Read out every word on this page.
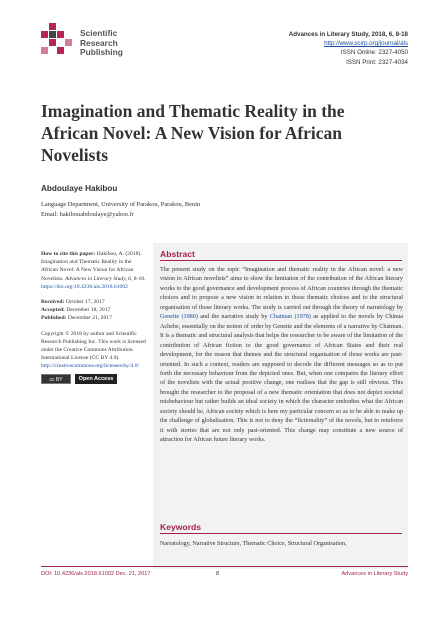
Scientific
Research
Publishing
Advances in Literary Study, 2018, 6, 8-18
http://www.scirp.org/journal/als
ISSN Online: 2327-4050
ISSN Print: 2327-4034
Imagination and Thematic Reality in the African Novel: A New Vision for African Novelists
Abdoulaye Hakibou
Language Department, University of Parakou, Parakou, Benin
Email: hakibouabdoulaye@yahoo.fr
How to cite this paper: Hakibou, A. (2018). Imagination and Thematic Reality in the African Novel: A New Vision for African Novelists. Advances in Literary Study, 6, 8-18.
https://doi.org/10.4236/als.2018.61002
Received: October 17, 2017
Accepted: December 18, 2017
Published: December 21, 2017
Copyright © 2018 by author and Scientific Research Publishing Inc. This work is licensed under the Creative Commons Attribution International License (CC BY 4.0).
http://creativecommons.org/licenses/by/4.0/
cc BY	Open Access
Abstract
The present study on the topic “Imagination and thematic reality in the African novel: a new vision to African novelists” aims to show the limitation of the contribution of the African literary works to the good governance and development process of African countries through the thematic choices and to propose a new vision in relation to those thematic choices and to the structural organisation of those literary works. The study is carried out through the theory of narratology by Genette (1980) and the narrative study by Chatman (1978) as applied to the novels by Chinua Achebe, essentially on the notion of order by Genette and the elements of a narrative by Chatman. It is a thematic and structural analysis that helps the researcher to be aware of the limitation of the contribution of African fiction to the good governance of African States and their real development, for the reason that themes and the structural organisation of those works are past-oriented. In such a context, readers are supposed to decode the different messages so as to put forth the necessary behaviour from the depicted ones. But, when one compares the literary effort of the novelists with the actual positive change, one realises that the gap is still obvious. This brought the researcher to the proposal of a new thematic orientation that does not depict societal misbehaviour but rather builds an ideal society in which the character embodies what the African society should be, African society which is here my particular concern so as to be able to make up the challenge of globalisation. This is not to deny the “fictionality” of the novels, but to reinforce it with stories that are not only past-oriented. This change may constitute a new source of attraction for African future literary works.
Keywords
Narratology, Narrative Structure, Thematic Choice, Structural Organisation,
DOI: 10.4236/als.2018.61002 Dec. 21, 2017	8	Advances in Literary Study
